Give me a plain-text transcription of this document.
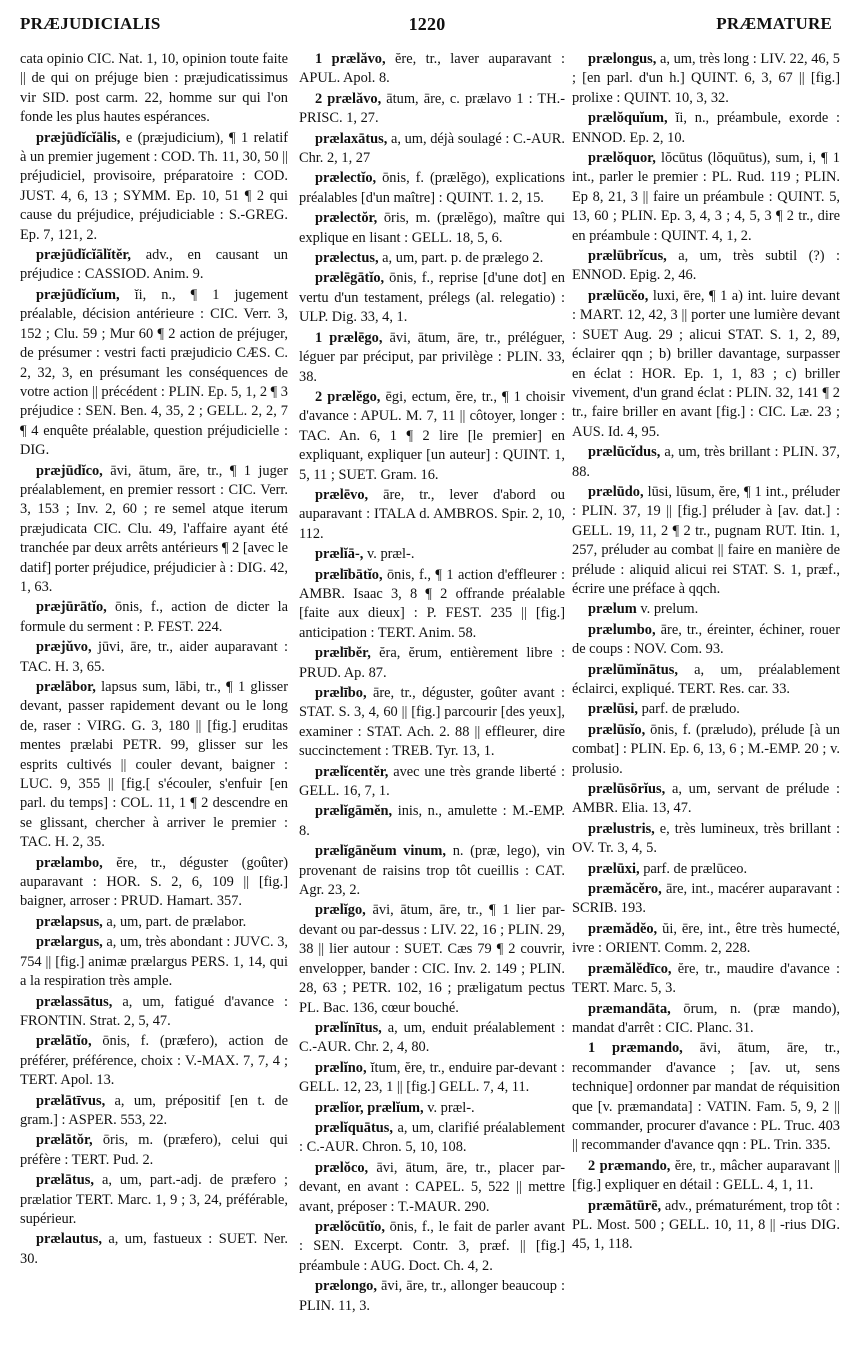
PRÆJUDICIALIS	1220	PRÆMATURE

cata opinio CIC. Nat. 1, 10, opinion toute faite || de qui on préjuge bien : præjudicatissimus vir SID. post carm. 22, homme sur qui l'on fonde les plus hautes espérances.

præjūdĭcĭālis, e (præjudicium), ¶ 1 relatif à un premier jugement : COD. Th. 11, 30, 50 || préjudiciel, provisoire, préparatoire : COD. JUST. 4, 6, 13 ; SYMM. Ep. 10, 51 ¶ 2 qui cause du préjudice, préjudiciable : S.-GREG. Ep. 7, 121, 2.

præjūdĭcĭālĭtĕr, adv., en causant un préjudice : CASSIOD. Anim. 9.

præjūdĭcĭum, ĭi, n., ¶ 1 jugement préalable, décision antérieure : CIC. Verr. 3, 152 ; Clu. 59 ; Mur 60 ¶ 2 action de préjuger, de présumer : vestri facti præjudicio CÆS. C. 2, 32, 3, en présumant les conséquences de votre action || précédent : PLIN. Ep. 5, 1, 2 ¶ 3 préjudice : SEN. Ben. 4, 35, 2 ; GELL. 2, 2, 7 ¶ 4 enquête préalable, question préjudicielle : DIG.

præjūdĭco, āvi, ātum, āre, tr., ¶ 1 juger préalablement, en premier ressort : CIC. Verr. 3, 153 ; Inv. 2, 60 ; re semel atque iterum præjudicata CIC. Clu. 49, l'affaire ayant été tranchée par deux arrêts antérieurs ¶ 2 [avec le datif] porter préjudice, préjudicier à : DIG. 42, 1, 63.

præjūrātĭo, ōnis, f., action de dicter la formule du serment : P. FEST. 224.

præjŭvo, jūvi, āre, tr., aider auparavant : TAC. H. 3, 65.

prælābor, lapsus sum, lābi, tr., ¶ 1 glisser devant, passer rapidement devant ou le long de, raser : VIRG. G. 3, 180 || [fig.] eruditas mentes prælabi PETR. 99, glisser sur les esprits cultivés || couler devant, baigner : LUC. 9, 355 || [fig.[ s'écouler, s'enfuir [en parl. du temps] : COL. 11, 1 ¶ 2 descendre en se glissant, chercher à arriver le premier : TAC. H. 2, 35.

prælambo, ĕre, tr., déguster (goûter) auparavant : HOR. S. 2, 6, 109 || [fig.] baigner, arroser : PRUD. Hamart. 357.

prælapsus, a, um, part. de prælabor.

prælargus, a, um, très abondant : JUVC. 3, 754 || [fig.] animæ prælargus PERS. 1, 14, qui a la respiration très ample.

prælassātus, a, um, fatigué d'avance : FRONTIN. Strat. 2, 5, 47.

prælātĭo, ōnis, f. (præfero), action de préférer, préférence, choix : V.-MAX. 7, 7, 4 ; TERT. Apol. 13.

prælātīvus, a, um, prépositif [en t. de gram.] : ASPER. 553, 22.

prælātŏr, ōris, m. (præfero), celui qui préfère : TERT. Pud. 2.

prælātus, a, um, part.-adj. de præfero ; prælatior TERT. Marc. 1, 9 ; 3, 24, préférable, supérieur.

prælautus, a, um, fastueux : SUET. Ner. 30.

1 prælăvo, ĕre, tr., laver auparavant : APUL. Apol. 8.

2 prælăvo, ātum, āre, c. prælavo 1 : TH.-PRISC. 1, 27.

prælaxātus, a, um, déjà soulagé : C.-AUR. Chr. 2, 1, 27

prælectĭo, ōnis, f. (prælĕgo), explications préalables [d'un maître] : QUINT. 1. 2, 15.

prælectŏr, ōris, m. (prælĕgo), maître qui explique en lisant : GELL. 18, 5, 6.

prælectus, a, um, part. p. de prælego 2.

prælēgātĭo, ōnis, f., reprise [d'une dot] en vertu d'un testament, prélegs (al. relegatio) : ULP. Dig. 33, 4, 1.

1 prælēgo, āvi, ātum, āre, tr., préléguer, léguer par préciput, par privilège : PLIN. 33, 38.

2 prælĕgo, ēgi, ectum, ĕre, tr., ¶ 1 choisir d'avance : APUL. M. 7, 11 || côtoyer, longer : TAC. An. 6, 1 ¶ 2 lire [le premier] en expliquant, expliquer [un auteur] : QUINT. 1, 5, 11 ; SUET. Gram. 16.

prælēvo, āre, tr., lever d'abord ou auparavant : ITALA d. AMBROS. Spir. 2, 10, 112.

prælĭā-, v. præl-.

prælībātĭo, ōnis, f., ¶ 1 action d'effleurer : AMBR. Isaac 3, 8 ¶ 2 offrande préalable [faite aux dieux] : P. FEST. 235 || [fig.] anticipation : TERT. Anim. 58.

prælībĕr, ĕra, ĕrum, entièrement libre : PRUD. Ap. 87.

prælībo, āre, tr., déguster, goûter avant : STAT. S. 3, 4, 60 || [fig.] parcourir [des yeux], examiner : STAT. Ach. 2. 88 || effleurer, dire succinctement : TREB. Tyr. 13, 1.

prælĭcentĕr, avec une très grande liberté : GELL. 16, 7, 1.

prælĭgāmĕn, inis, n., amulette : M.-EMP. 8.

prælĭgānĕum vinum, n. (præ, lego), vin provenant de raisins trop tôt cueillis : CAT. Agr. 23, 2.

prælĭgo, āvi, ātum, āre, tr., ¶ 1 lier par-devant ou par-dessus : LIV. 22, 16 ; PLIN. 29, 38 || lier autour : SUET. Cæs 79 ¶ 2 couvrir, envelopper, bander : CIC. Inv. 2. 149 ; PLIN. 28, 63 ; PETR. 102, 16 ; præligatum pectus PL. Bac. 136, cœur bouché.

prælĭnītus, a, um, enduit préalablement : C.-AUR. Chr. 2, 4, 80.

prælĭno, ĭtum, ĕre, tr., enduire par-devant : GELL. 12, 23, 1 || [fig.] GELL. 7, 4, 11.

prælĭor, prælĭum, v. præl-.

prælĭquātus, a, um, clarifié préalablement : C.-AUR. Chron. 5, 10, 108.

prælŏco, āvi, ātum, āre, tr., placer par-devant, en avant : CAPEL. 5, 522 || mettre avant, préposer : T.-MAUR. 290.

prælŏcūtĭo, ōnis, f., le fait de parler avant : SEN. Excerpt. Contr. 3, præf. || [fig.] préambule : AUG. Doct. Ch. 4, 2.

prælongo, āvi, āre, tr., allonger beaucoup : PLIN. 11, 3.

prælongus, a, um, très long : LIV. 22, 46, 5 ; [en parl. d'un h.] QUINT. 6, 3, 67 || [fig.] prolixe : QUINT. 10, 3, 32.

prælŏquĭum, ĭi, n., préambule, exorde : ENNOD. Ep. 2, 10.

prælŏquor, lŏcūtus (lŏquūtus), sum, i, ¶ 1 int., parler le premier : PL. Rud. 119 ; PLIN. Ep 8, 21, 3 || faire un préambule : QUINT. 5, 13, 60 ; PLIN. Ep. 3, 4, 3 ; 4, 5, 3 ¶ 2 tr., dire en préambule : QUINT. 4, 1, 2.

prælūbrĭcus, a, um, très subtil (?) : ENNOD. Epig. 2, 46.

prælūcĕo, luxi, ēre, ¶ 1 a) int. luire devant : MART. 12, 42, 3 || porter une lumière devant : SUET Aug. 29 ; alicui STAT. S. 1, 2, 89, éclairer qqn ; b) briller davantage, surpasser en éclat : HOR. Ep. 1, 1, 83 ; c) briller vivement, d'un grand éclat : PLIN. 32, 141 ¶ 2 tr., faire briller en avant [fig.] : CIC. Læ. 23 ; AUS. Id. 4, 95.

prælūcĭdus, a, um, très brillant : PLIN. 37, 88.

prælūdo, lūsi, lūsum, ĕre, ¶ 1 int., préluder : PLIN. 37, 19 || [fig.] préluder à [av. dat.] : GELL. 19, 11, 2 ¶ 2 tr., pugnam RUT. Itin. 1, 257, préluder au combat || faire en manière de prélude : aliquid alicui rei STAT. S. 1, præf., écrire une préface à qqch.

prælum v. prelum.

prælumbo, āre, tr., éreinter, échiner, rouer de coups : NOV. Com. 93.

prælūmĭnātus, a, um, préalablement éclairci, expliqué. TERT. Res. car. 33.

prælūsi, parf. de præludo.

prælūsĭo, ōnis, f. (præludo), prélude [à un combat] : PLIN. Ep. 6, 13, 6 ; M.-EMP. 20 ; v. prolusio.

prælūsōrĭus, a, um, servant de prélude : AMBR. Elia. 13, 47.

prælustris, e, très lumineux, très brillant : OV. Tr. 3, 4, 5.

prælūxi, parf. de prælūceo.

præmăcĕro, āre, int., macérer auparavant : SCRIB. 193.

præmădĕo, ŭi, ēre, int., être très humecté, ivre : ORIENT. Comm. 2, 228.

præmălĕdīco, ĕre, tr., maudire d'avance : TERT. Marc. 5, 3.

præmandāta, ōrum, n. (præ mando), mandat d'arrêt : CIC. Planc. 31.

1 præmando, āvi, ātum, āre, tr., recommander d'avance ; [av. ut, sens technique] ordonner par mandat de réquisition que [v. præmandata] : VATIN. Fam. 5, 9, 2 || commander, procurer d'avance : PL. Truc. 403 || recommander d'avance qqn : PL. Trin. 335.

2 præmando, ĕre, tr., mâcher auparavant || [fig.] expliquer en détail : GELL. 4, 1, 11.

præmātūrē, adv., prématurément, trop tôt : PL. Most. 500 ; GELL. 10, 11, 8 || -rius DIG. 45, 1, 118.
